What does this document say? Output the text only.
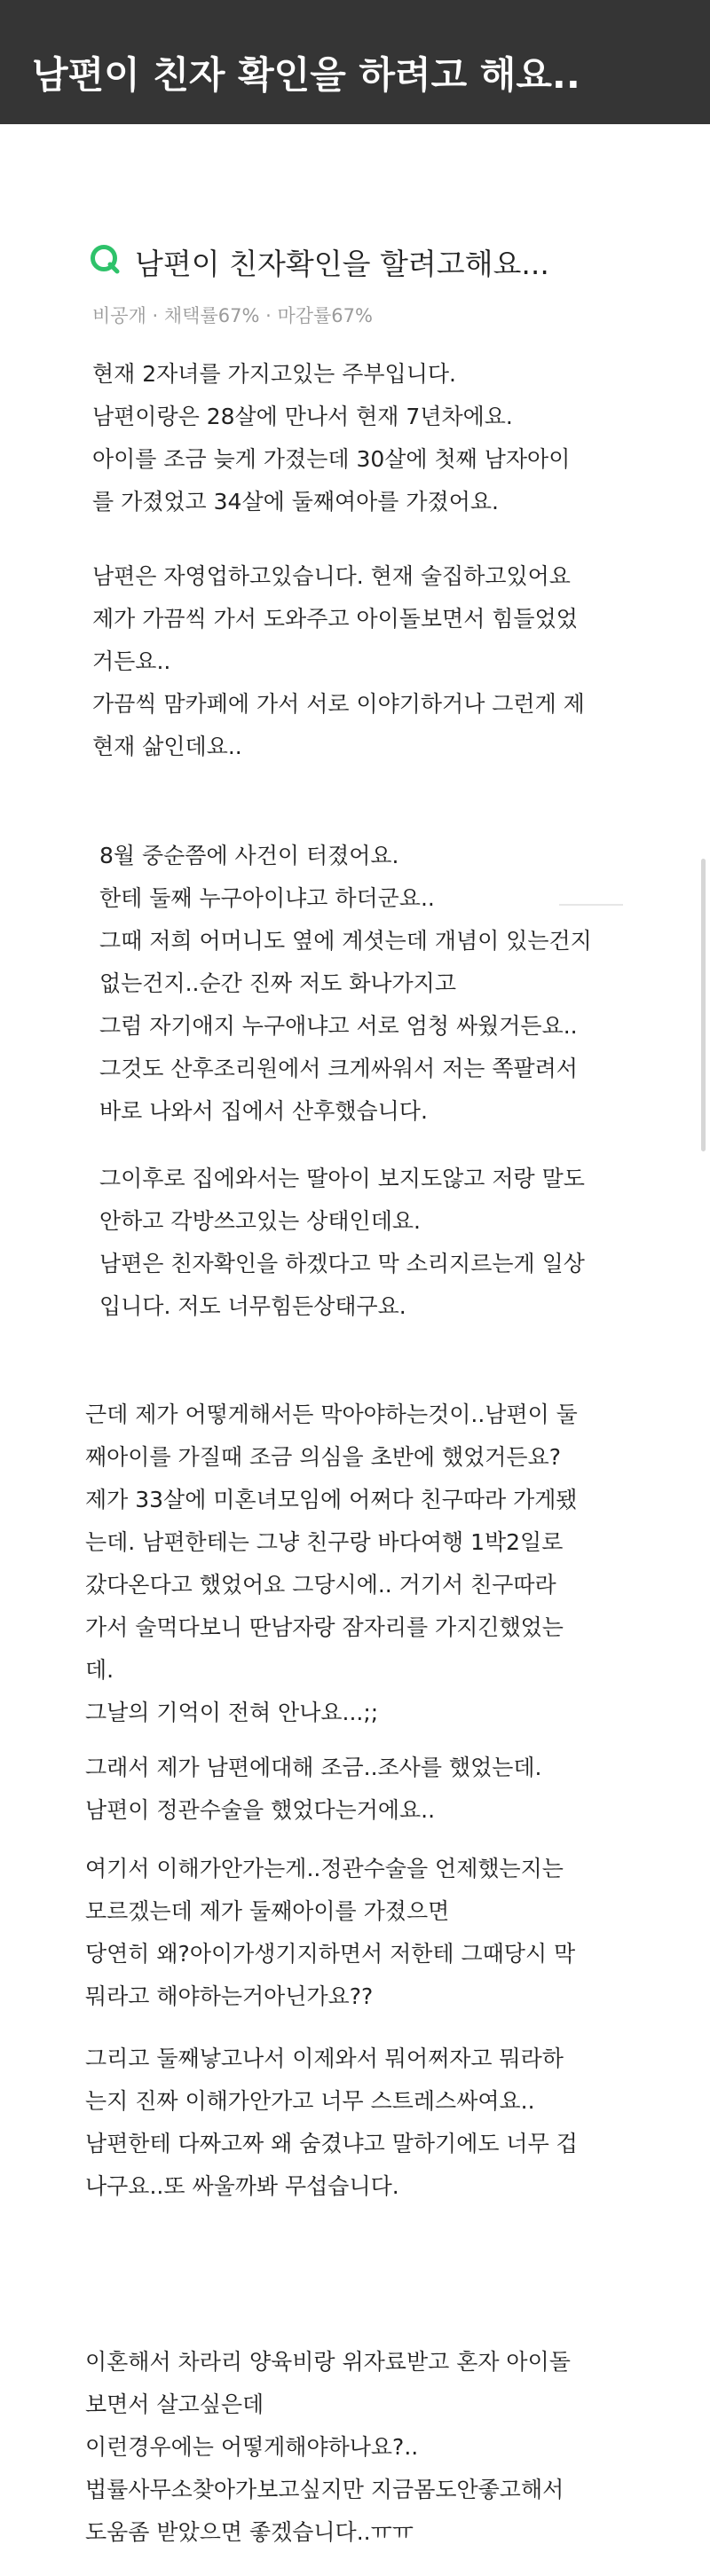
남편이 친자 확인을 하려고 해요..
남편이 친자확인을 할려고해요...
비공개 · 채택률67% · 마감률67%
현재 2자녀를 가지고있는 주부입니다.
남편이랑은 28살에 만나서 현재 7년차에요.
아이를 조금 늦게 가졌는데 30살에 첫째 남자아이
를 가졌었고 34살에 둘째여아를 가졌어요.
남편은 자영업하고있습니다. 현재 술집하고있어요
제가 가끔씩 가서 도와주고 아이돌보면서 힘들었었
거든요..
가끔씩 맘카페에 가서 서로 이야기하거나 그런게 제
현재 삶인데요..
8월 중순쯤에 사건이 터졌어요.
한테 둘째 누구아이냐고 하더군요..
그때 저희 어머니도 옆에 계셧는데 개념이 있는건지
없는건지..순간 진짜 저도 화나가지고
그럼 자기애지 누구애냐고 서로 엄청 싸웠거든요..
그것도 산후조리원에서 크게싸워서 저는 쪽팔려서
바로 나와서 집에서 산후했습니다.
그이후로 집에와서는 딸아이 보지도않고 저랑 말도
안하고 각방쓰고있는 상태인데요.
남편은 친자확인을 하겠다고 막 소리지르는게 일상
입니다. 저도 너무힘든상태구요.
근데 제가 어떻게해서든 막아야하는것이..남편이 둘
째아이를 가질때 조금 의심을 초반에 했었거든요?
제가 33살에 미혼녀모임에 어쩌다 친구따라 가게됐
는데. 남편한테는 그냥 친구랑 바다여행 1박2일로
갔다온다고 했었어요 그당시에.. 거기서 친구따라
가서 술먹다보니 딴남자랑 잠자리를 가지긴했었는
데.
그날의 기억이 전혀 안나요...;;
그래서 제가 남편에대해 조금..조사를 했었는데.
남편이 정관수술을 했었다는거에요..
여기서 이해가안가는게..정관수술을 언제했는지는
모르겠는데 제가 둘째아이를 가졌으면
당연히 왜?아이가생기지하면서 저한테 그때당시 막
뭐라고 해야하는거아닌가요??
그리고 둘째낳고나서 이제와서 뭐어쩌자고 뭐라하
는지 진짜 이해가안가고 너무 스트레스싸여요..
남편한테 다짜고짜 왜 숨겼냐고 말하기에도 너무 겁
나구요..또 싸울까봐 무섭습니다.
이혼해서 차라리 양육비랑 위자료받고 혼자 아이돌
보면서 살고싶은데
이런경우에는 어떻게해야하나요?..
법률사무소찾아가보고싶지만 지금몸도안좋고해서
도움좀 받았으면 좋겠습니다..ㅠㅠ
